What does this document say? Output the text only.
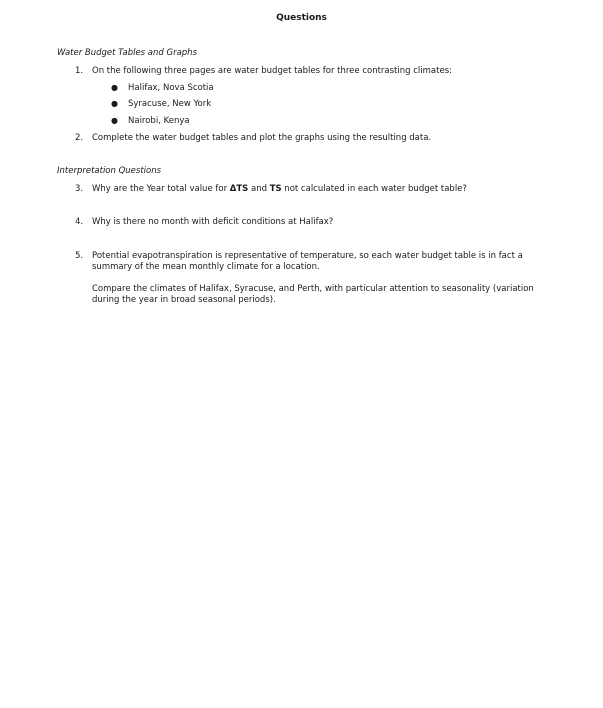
Questions
Water Budget Tables and Graphs
1.	On the following three pages are water budget tables for three contrasting climates:

● Halifax, Nova Scotia
● Syracuse, New York
● Nairobi, Kenya
2.	Complete the water budget tables and plot the graphs using the resulting data.

Interpretation Questions
3.	Why are the Year total value for ΔTS and TS not calculated in each water budget table?

4.	Why is there no month with deficit conditions at Halifax?

5.	Potential evapotranspiration is representative of temperature, so each water budget table is in fact a summary of the mean monthly climate for a location.

Compare the climates of Halifax, Syracuse, and Perth, with particular attention to seasonality (variation during the year in broad seasonal periods).
